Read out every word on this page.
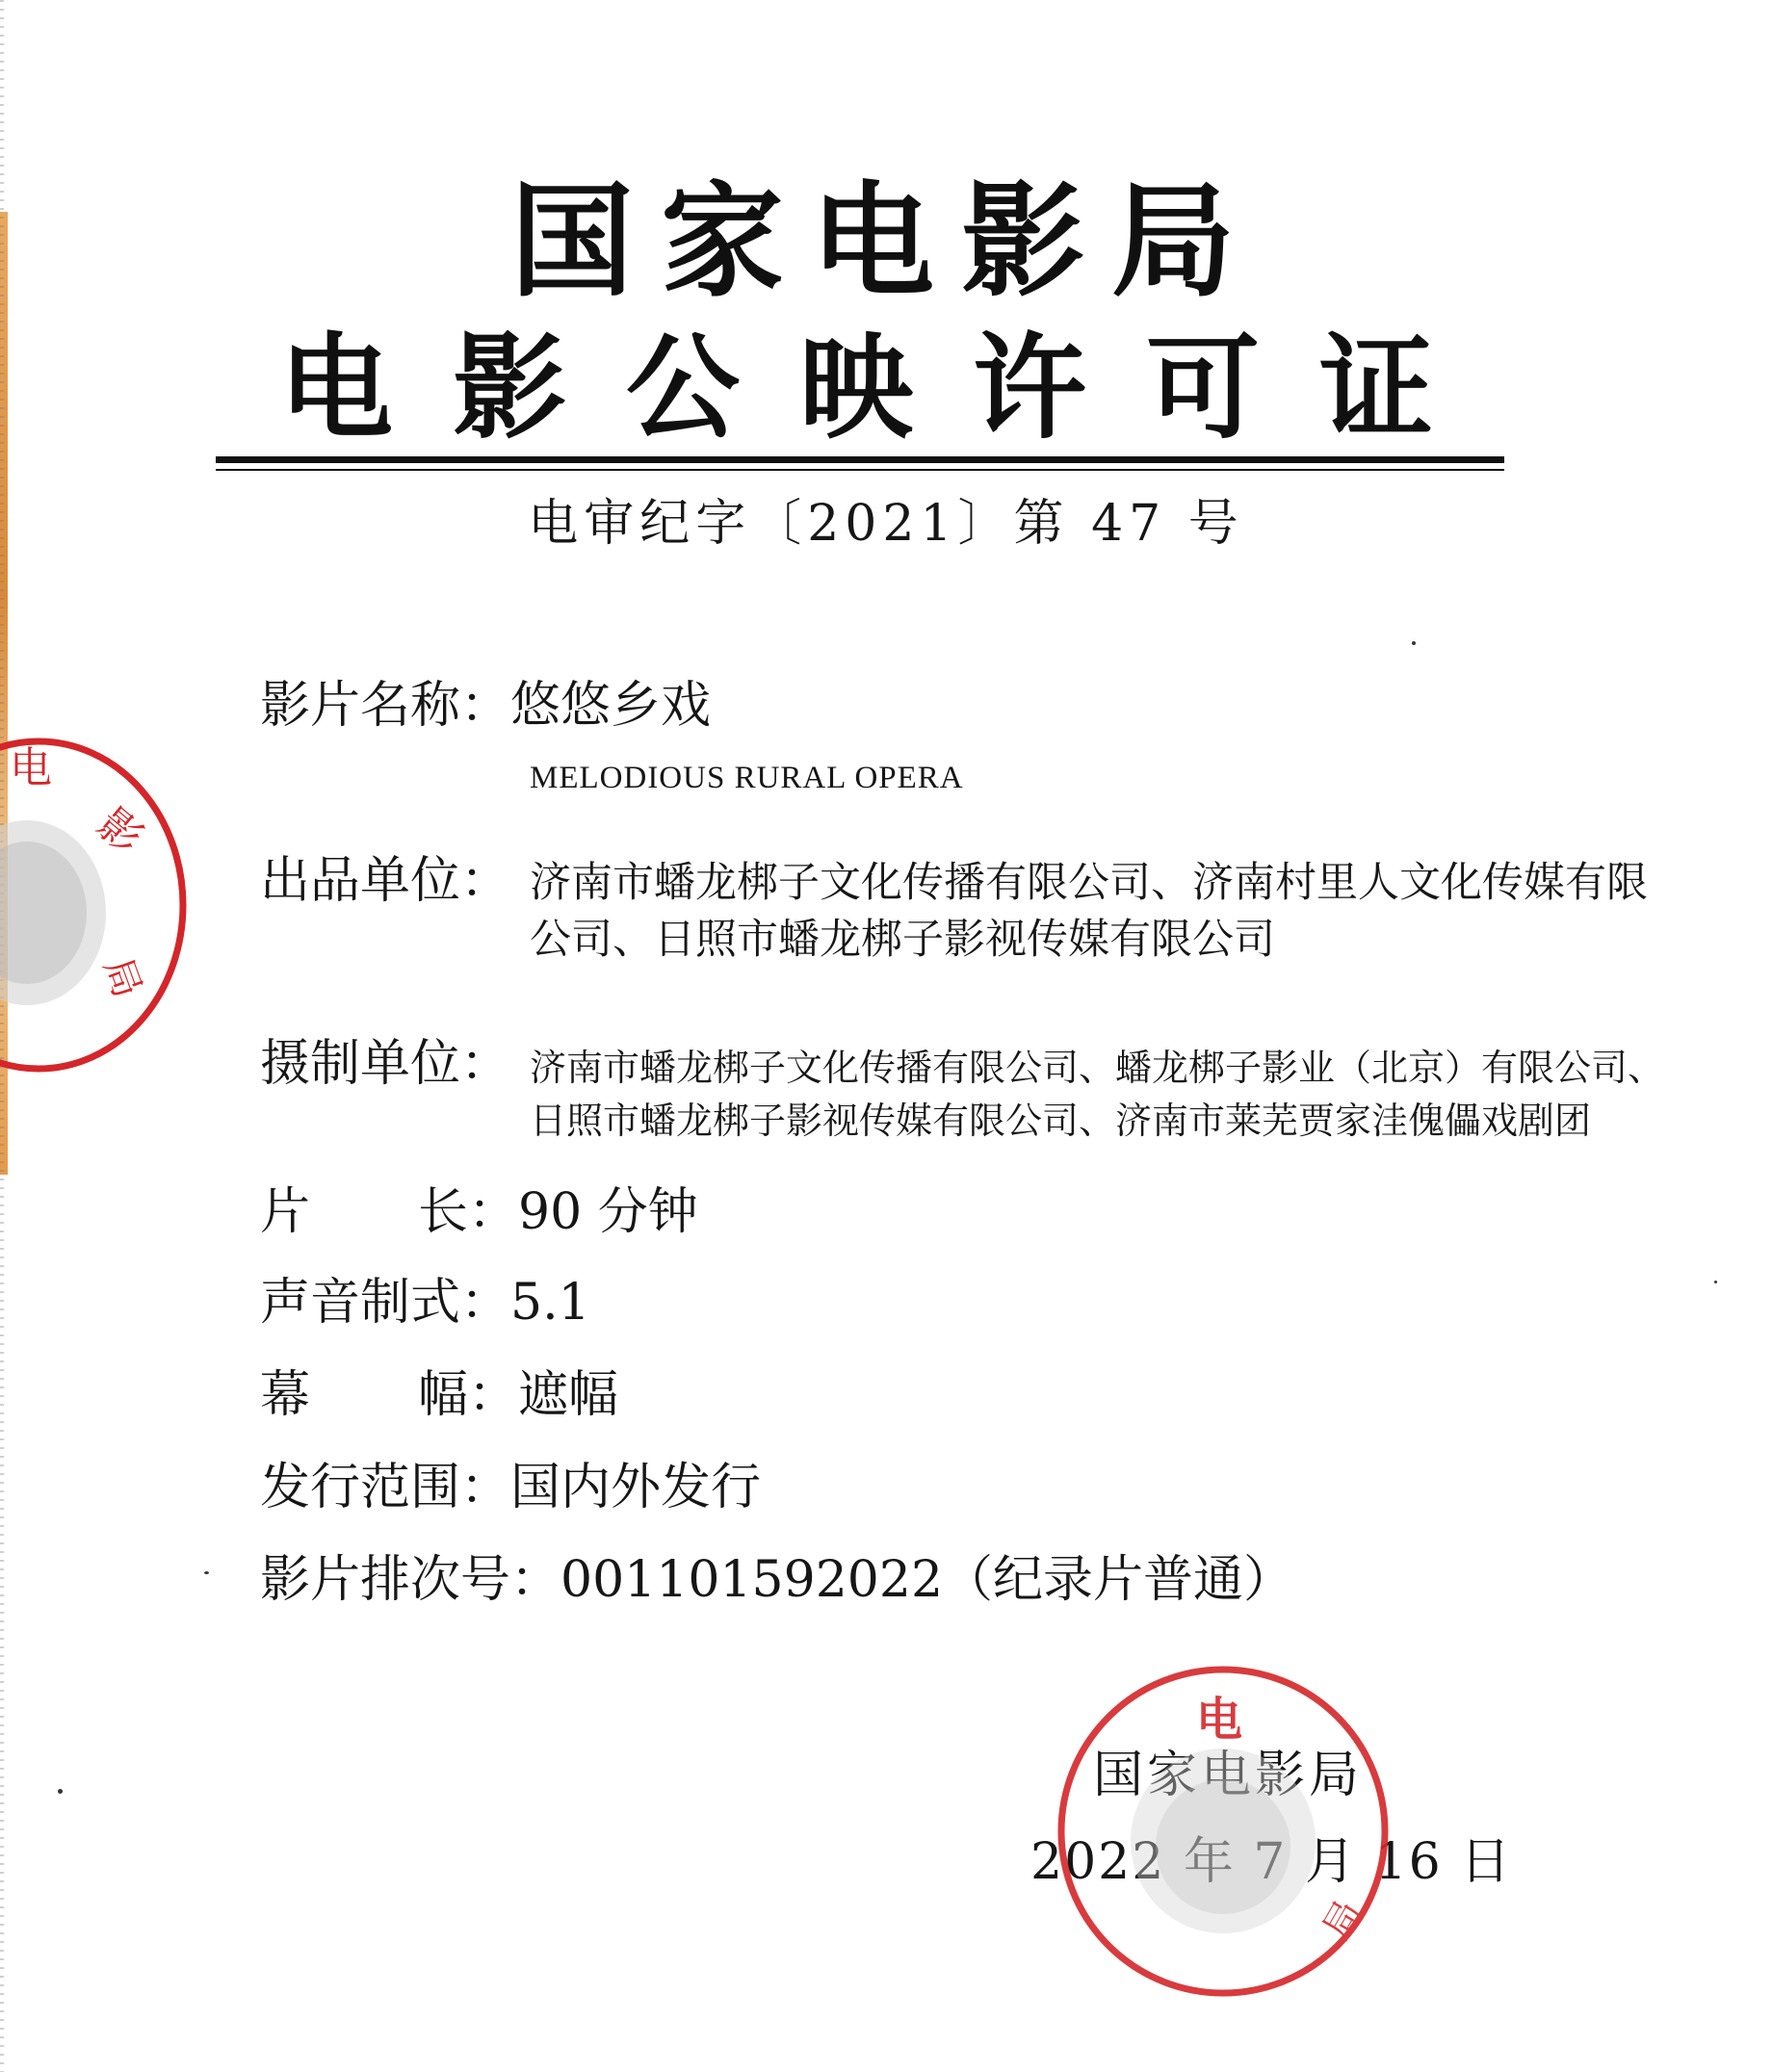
国家电影局
电影公映许可证
电审纪字〔2021〕第 47 号
影片名称：悠悠乡戏
MELODIOUS RURAL OPERA
出品单位： 济南市蟠龙梆子文化传播有限公司、济南村里人文化传媒有限
公司、日照市蟠龙梆子影视传媒有限公司
摄制单位： 济南市蟠龙梆子文化传播有限公司、蟠龙梆子影业（北京）有限公司、
日照市蟠龙梆子影视传媒有限公司、济南市莱芜贾家洼傀儡戏剧团
片长：90 分钟
声音制式：5.1
幕幅：遮幅
发行范围：国内外发行
影片排次号：001101592022（纪录片普通）
电
影
局
国家电影局
2022 年 7 月 16 日
电
局
